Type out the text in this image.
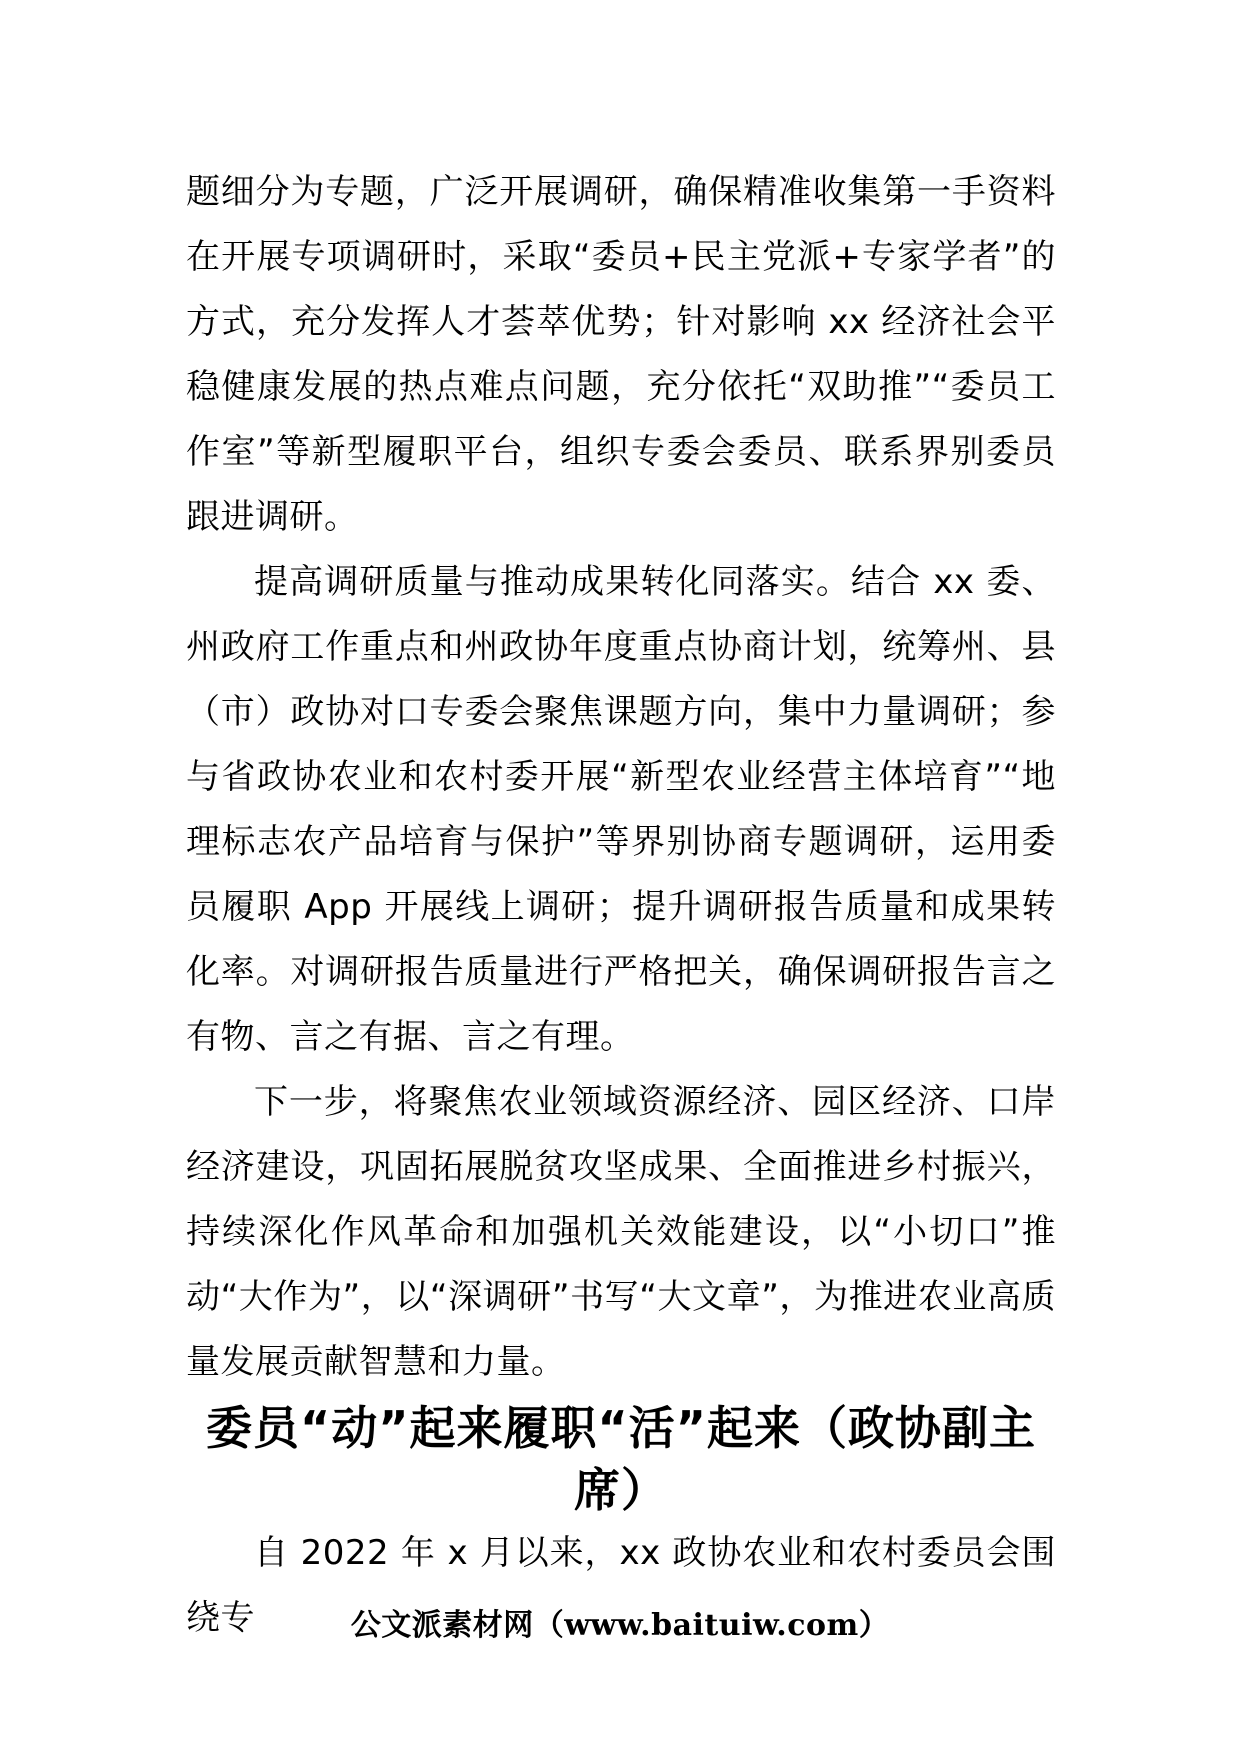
题细分为专题，广泛开展调研，确保精准收集第一手资料在开展专项调研时，采取“委员+民主党派+专家学者”的方式，充分发挥人才荟萃优势；针对影响 xx 经济社会平稳健康发展的热点难点问题，充分依托“双助推”“委员工作室”等新型履职平台，组织专委会委员、联系界别委员跟进调研。

提高调研质量与推动成果转化同落实。结合 xx 委、州政府工作重点和州政协年度重点协商计划，统筹州、县（市）政协对口专委会聚焦课题方向，集中力量调研；参与省政协农业和农村委开展“新型农业经营主体培育”“地理标志农产品培育与保护”等界别协商专题调研，运用委员履职 App 开展线上调研；提升调研报告质量和成果转化率。对调研报告质量进行严格把关，确保调研报告言之有物、言之有据、言之有理。

下一步，将聚焦农业领域资源经济、园区经济、口岸经济建设，巩固拓展脱贫攻坚成果、全面推进乡村振兴，持续深化作风革命和加强机关效能建设，以“小切口”推动“大作为”，以“深调研”书写“大文章”，为推进农业高质量发展贡献智慧和力量。

委员“动”起来履职“活”起来（政协副主席）

自 2022 年 x 月以来，xx 政协农业和农村委员会围绕专	公文派素材网（www.baituiw.com）
